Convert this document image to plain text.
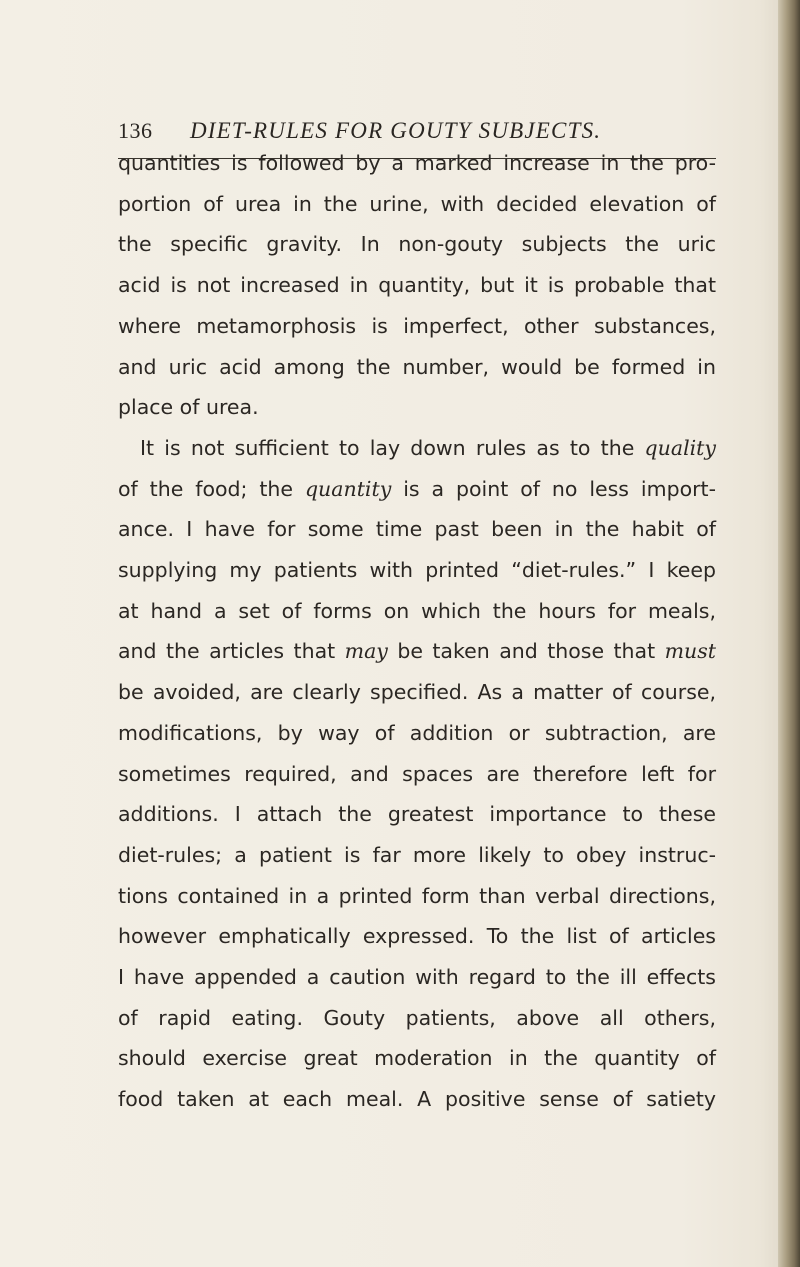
136 DIET-RULES FOR GOUTY SUBJECTS.
quantities is followed by a marked increase in the pro-
portion of urea in the urine, with decided elevation of
the specific gravity. In non-gouty subjects the uric
acid is not increased in quantity, but it is probable that
where metamorphosis is imperfect, other substances,
and uric acid among the number, would be formed in
place of urea.
It is not sufficient to lay down rules as to the quality
of the food; the quantity is a point of no less import-
ance. I have for some time past been in the habit of
supplying my patients with printed “diet-rules.” I keep
at hand a set of forms on which the hours for meals,
and the articles that may be taken and those that must
be avoided, are clearly specified. As a matter of course,
modifications, by way of addition or subtraction, are
sometimes required, and spaces are therefore left for
additions. I attach the greatest importance to these
diet-rules; a patient is far more likely to obey instruc-
tions contained in a printed form than verbal directions,
however emphatically expressed. To the list of articles
I have appended a caution with regard to the ill effects
of rapid eating. Gouty patients, above all others,
should exercise great moderation in the quantity of
food taken at each meal. A positive sense of satiety
